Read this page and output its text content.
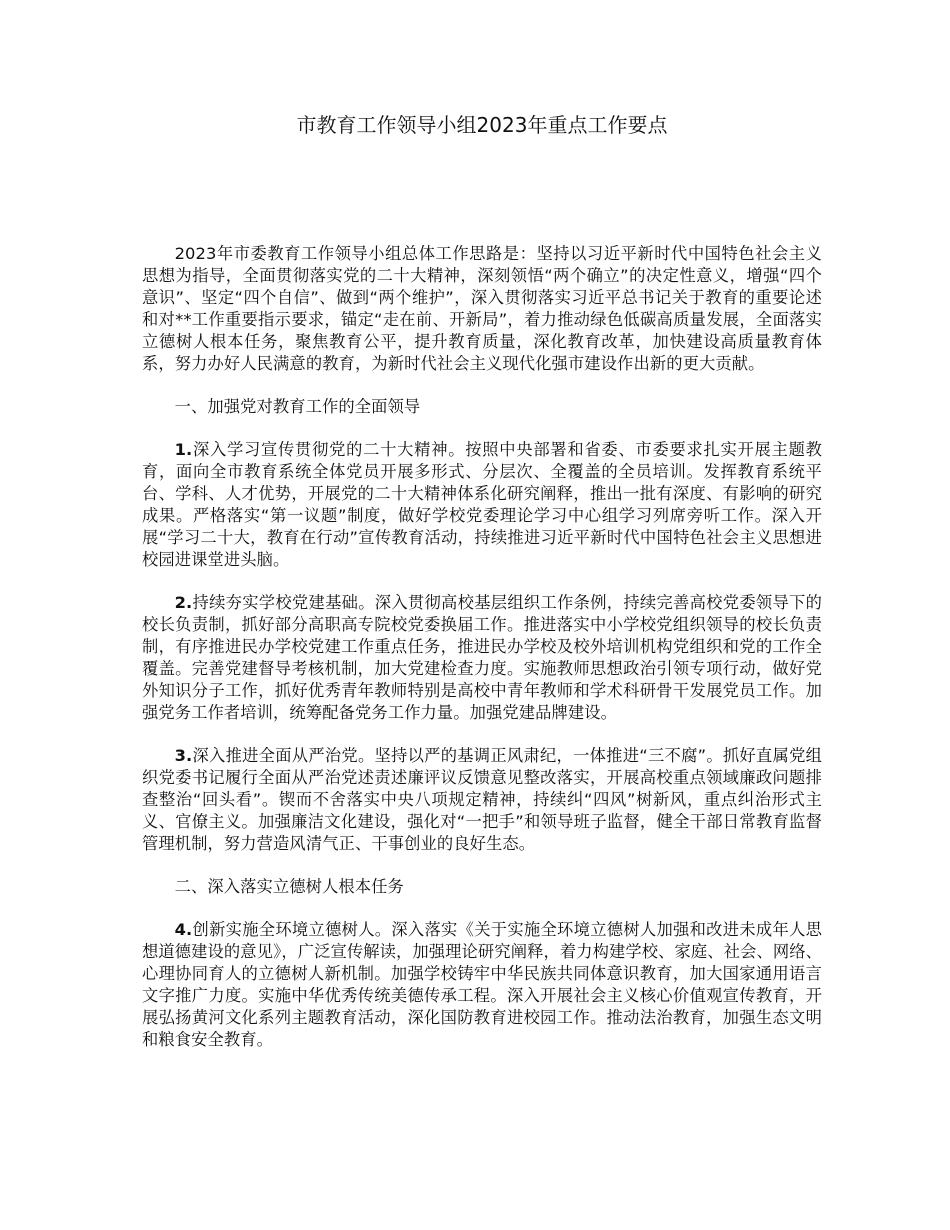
市教育工作领导小组2023年重点工作要点

2023年市委教育工作领导小组总体工作思路是：坚持以习近平新时代中国特色社会主义思想为指导，全面贯彻落实党的二十大精神，深刻领悟“两个确立”的决定性意义，增强“四个意识”、坚定“四个自信”、做到“两个维护”，深入贯彻落实习近平总书记关于教育的重要论述和对**工作重要指示要求，锚定“走在前、开新局”，着力推动绿色低碳高质量发展，全面落实立德树人根本任务，聚焦教育公平，提升教育质量，深化教育改革，加快建设高质量教育体系，努力办好人民满意的教育，为新时代社会主义现代化强市建设作出新的更大贡献。

一、加强党对教育工作的全面领导

1.深入学习宣传贯彻党的二十大精神。按照中央部署和省委、市委要求扎实开展主题教育，面向全市教育系统全体党员开展多形式、分层次、全覆盖的全员培训。发挥教育系统平台、学科、人才优势，开展党的二十大精神体系化研究阐释，推出一批有深度、有影响的研究成果。严格落实“第一议题”制度，做好学校党委理论学习中心组学习列席旁听工作。深入开展“学习二十大，教育在行动”宣传教育活动，持续推进习近平新时代中国特色社会主义思想进校园进课堂进头脑。

2.持续夯实学校党建基础。深入贯彻高校基层组织工作条例，持续完善高校党委领导下的校长负责制，抓好部分高职高专院校党委换届工作。推进落实中小学校党组织领导的校长负责制，有序推进民办学校党建工作重点任务，推进民办学校及校外培训机构党组织和党的工作全覆盖。完善党建督导考核机制，加大党建检查力度。实施教师思想政治引领专项行动，做好党外知识分子工作，抓好优秀青年教师特别是高校中青年教师和学术科研骨干发展党员工作。加强党务工作者培训，统筹配备党务工作力量。加强党建品牌建设。

3.深入推进全面从严治党。坚持以严的基调正风肃纪，一体推进“三不腐”。抓好直属党组织党委书记履行全面从严治党述责述廉评议反馈意见整改落实，开展高校重点领域廉政问题排查整治“回头看”。锲而不舍落实中央八项规定精神，持续纠“四风”树新风，重点纠治形式主义、官僚主义。加强廉洁文化建设，强化对“一把手”和领导班子监督，健全干部日常教育监督管理机制，努力营造风清气正、干事创业的良好生态。

二、深入落实立德树人根本任务

4.创新实施全环境立德树人。深入落实《关于实施全环境立德树人加强和改进未成年人思想道德建设的意见》，广泛宣传解读，加强理论研究阐释，着力构建学校、家庭、社会、网络、心理协同育人的立德树人新机制。加强学校铸牢中华民族共同体意识教育，加大国家通用语言文字推广力度。实施中华优秀传统美德传承工程。深入开展社会主义核心价值观宣传教育，开展弘扬黄河文化系列主题教育活动，深化国防教育进校园工作。推动法治教育，加强生态文明和粮食安全教育。
